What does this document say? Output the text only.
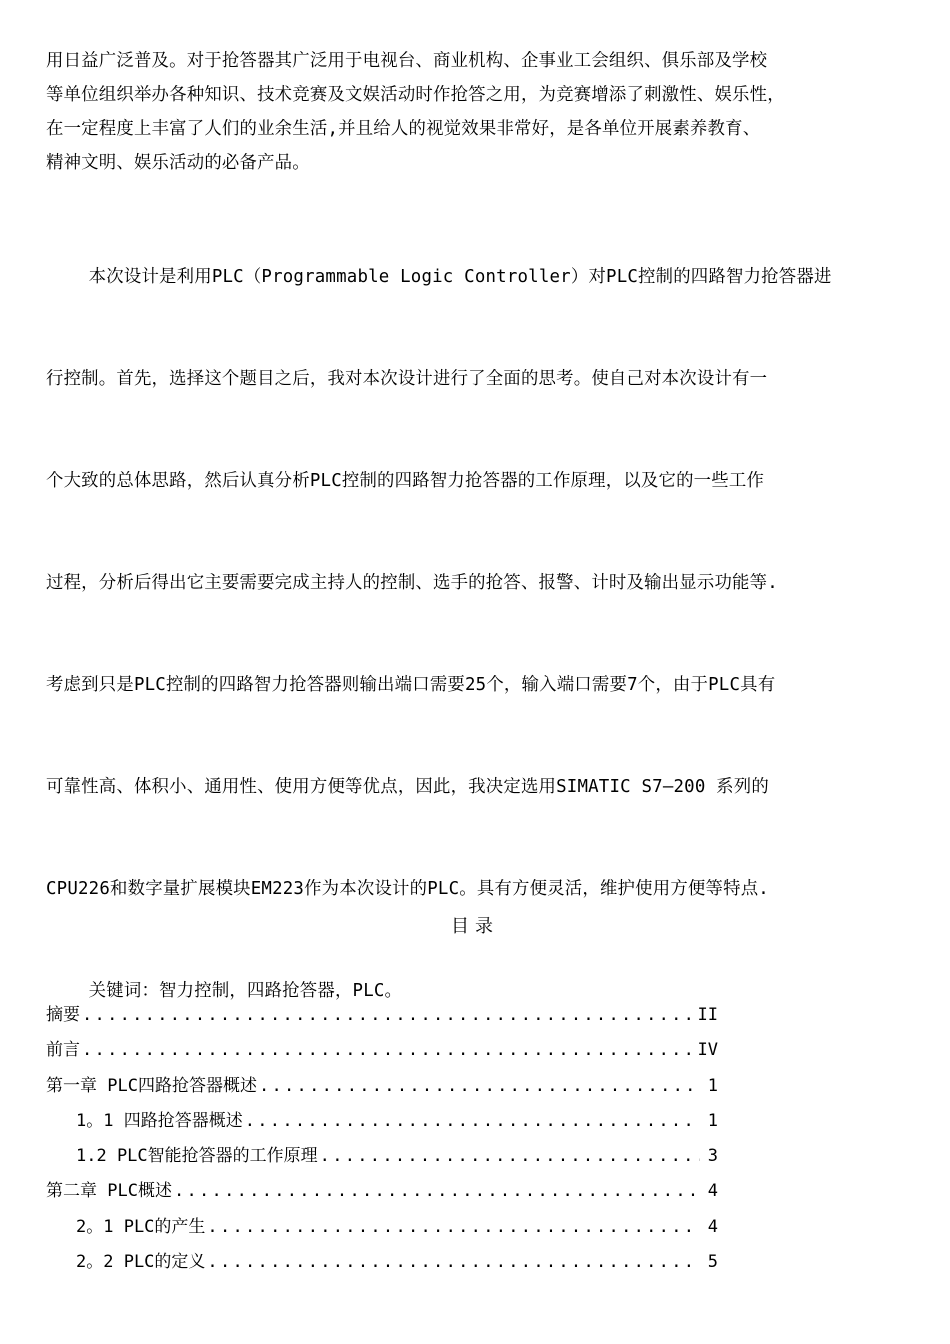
用日益广泛普及。对于抢答器其广泛用于电视台、商业机构、企事业工会组织、俱乐部及学校
等单位组织举办各种知识、技术竞赛及文娱活动时作抢答之用，为竞赛增添了刺激性、娱乐性，
在一定程度上丰富了人们的业余生活,并且给人的视觉效果非常好，是各单位开展素养教育、
精神文明、娱乐活动的必备产品。

本次设计是利用PLC（Programmable Logic Controller）对PLC控制的四路智力抢答器进

行控制。首先，选择这个题目之后，我对本次设计进行了全面的思考。使自己对本次设计有一

个大致的总体思路，然后认真分析PLC控制的四路智力抢答器的工作原理，以及它的一些工作

过程，分析后得出它主要需要完成主持人的控制、选手的抢答、报警、计时及输出显示功能等.

考虑到只是PLC控制的四路智力抢答器则输出端口需要25个，输入端口需要7个，由于PLC具有

可靠性高、体积小、通用性、使用方便等优点，因此，我决定选用SIMATIC S7—200 系列的

CPU226和数字量扩展模块EM223作为本次设计的PLC。具有方便灵活，维护使用方便等特点.

关键词：智力控制，四路抢答器，PLC。

目录
摘要 .....	II
前言 .....	IV
第一章 PLC四路抢答器概述 .....	1
1。1 四路抢答器概述 .....	1
1.2 PLC智能抢答器的工作原理 .....	3
第二章 PLC概述 .....	4
2。1 PLC的产生 .....	4
2。2 PLC的定义 .....	5
